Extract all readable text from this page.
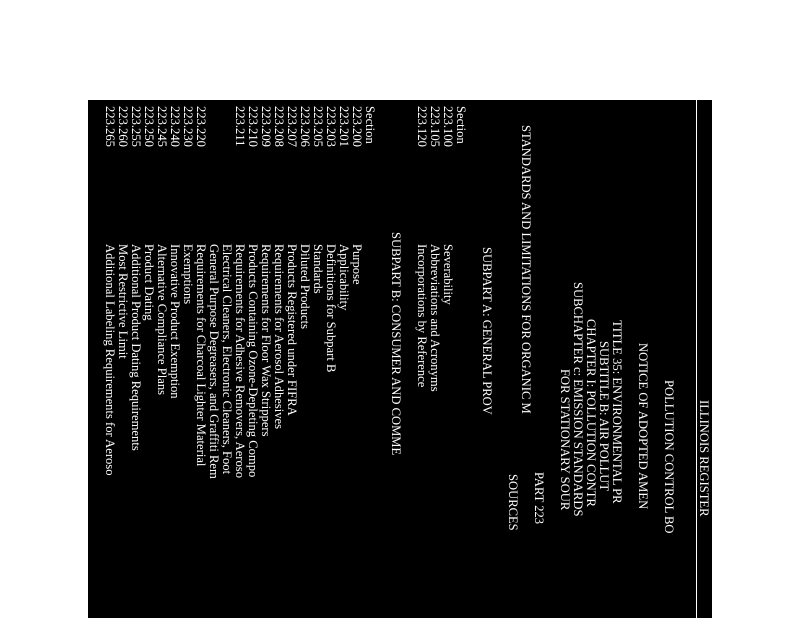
ILLINOIS REGISTER
POLLUTION CONTROL BO
NOTICE OF ADOPTED AMEN
TITLE 35: ENVIRONMENTAL PR
SUBTITLE B: AIR POLLUT
CHAPTER I: POLLUTION CONTR
SUBCHAPTER c: EMISSION STANDARDS
FOR STATIONARY SOUR
PART 223
STANDARDS AND LIMITATIONS FOR ORGANIC M
SOURCES
SUBPART A: GENERAL PROV
Section
223.100
Severability
223.105
Abbreviations and Acronyms
223.120
Incorporations by Reference
SUBPART B: CONSUMER AND COMME
Section
223.200
Purpose
223.201
Applicability
223.203
Definitions for Subpart B
223.205
Standards
223.206
Diluted Products
223.207
Products Registered under FIFRA
223.208
Requirements for Aerosol Adhesives
223.209
Requirements for Floor Wax Strippers
223.210
Products Containing Ozone-Depleting Compo
223.211
Requirements for Adhesive Removers, Aeroso
Electrical Cleaners, Electronic Cleaners, Foot
General Purpose Degreasers, and Graffiti Rem
223.220
Requirements for Charcoal Lighter Material
223.230
Exemptions
223.240
Innovative Product Exemption
223.245
Alternative Compliance Plans
223.250
Product Dating
223.255
Additional Product Dating Requirements
223.260
Most Restrictive Limit
223.265
Additional Labeling Requirements for Aeroso
